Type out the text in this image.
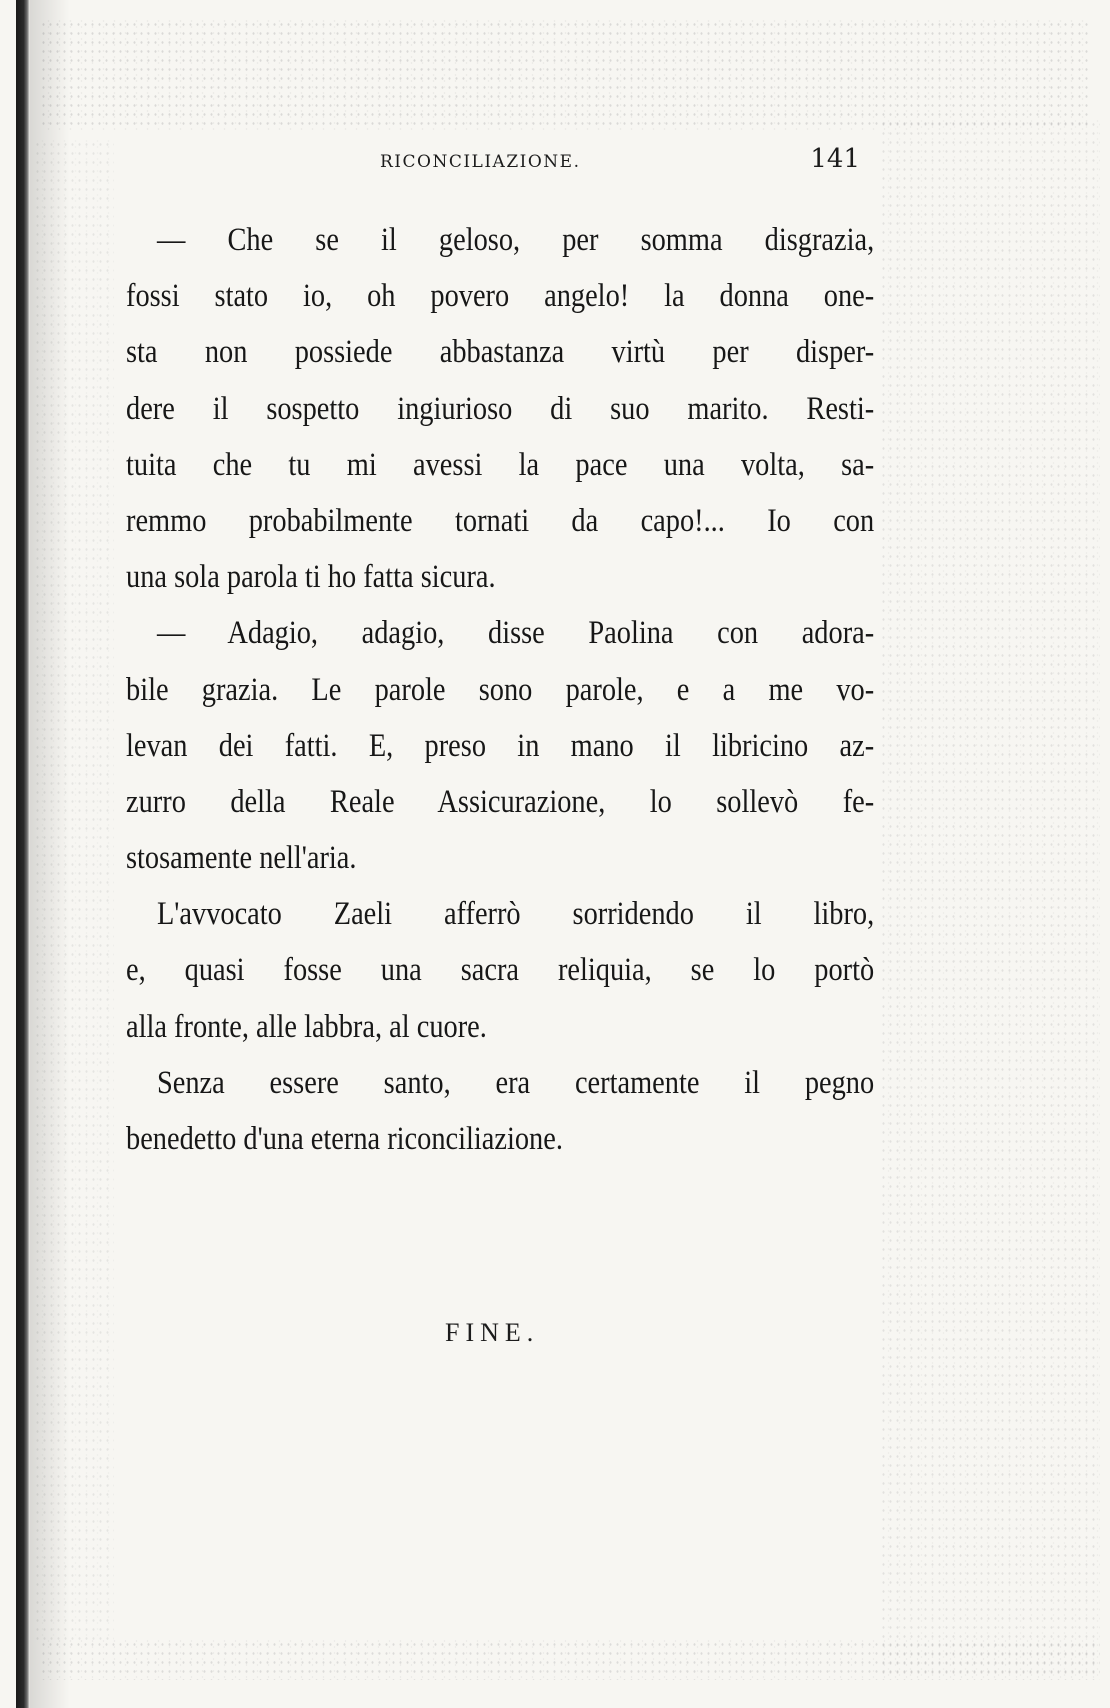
RICONCILIAZIONE.	141
— Che se il geloso, per somma disgrazia,
fossi stato io, oh povero angelo! la donna one-
sta non possiede abbastanza virtù per disper-
dere il sospetto ingiurioso di suo marito. Resti-
tuita che tu mi avessi la pace una volta, sa-
remmo probabilmente tornati da capo!... Io con
una sola parola ti ho fatta sicura.
— Adagio, adagio, disse Paolina con adora-
bile grazia. Le parole sono parole, e a me vo-
levan dei fatti. E, preso in mano il libricino az-
zurro della Reale Assicurazione, lo sollevò fe-
stosamente nell'aria.
L'avvocato Zaeli afferrò sorridendo il libro,
e, quasi fosse una sacra reliquia, se lo portò
alla fronte, alle labbra, al cuore.
Senza essere santo, era certamente il pegno
benedetto d'una eterna riconciliazione.
FINE.
